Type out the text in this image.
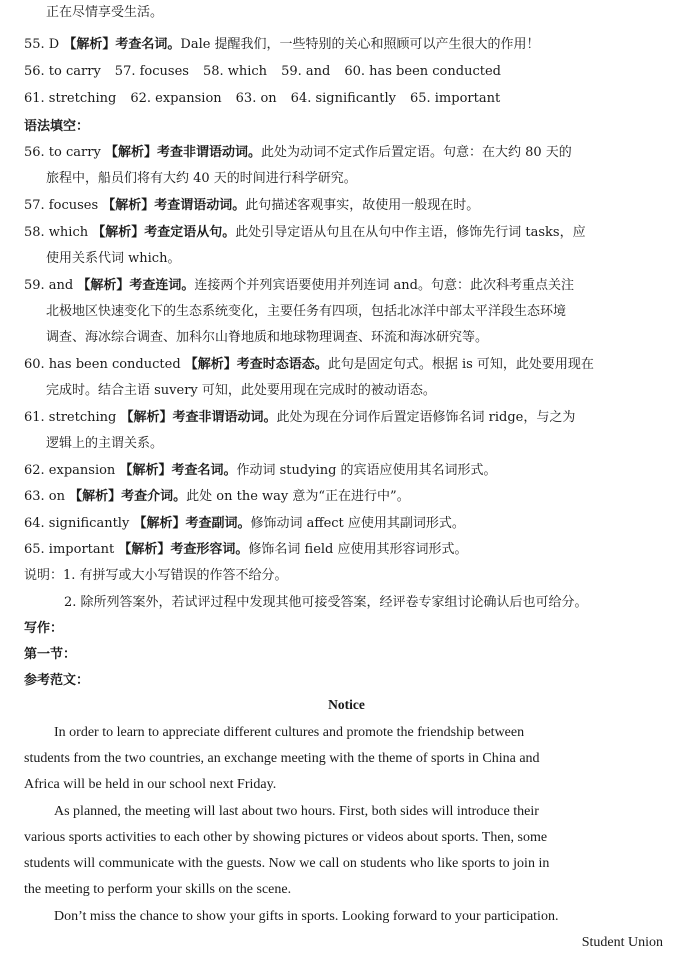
正在尽情享受生活。
55. D 【解析】考查名词。Dale 提醒我们，一些特别的关心和照顾可以产生很大的作用！
56. to carry 57. focuses 58. which 59. and 60. has been conducted
61. stretching 62. expansion 63. on 64. significantly 65. important
语法填空：
56. to carry 【解析】考查非谓语动词。此处为动词不定式作后置定语。句意：在大约 80 天的
旅程中，船员们将有大约 40 天的时间进行科学研究。
57. focuses 【解析】考查谓语动词。此句描述客观事实，故使用一般现在时。
58. which 【解析】考查定语从句。此处引导定语从句且在从句中作主语，修饰先行词 tasks，应
使用关系代词 which。
59. and 【解析】考查连词。连接两个并列宾语要使用并列连词 and。句意：此次科考重点关注
北极地区快速变化下的生态系统变化，主要任务有四项，包括北冰洋中部太平洋段生态环境
调查、海冰综合调查、加科尔山脊地质和地球物理调查、环流和海冰研究等。
60. has been conducted 【解析】考查时态语态。此句是固定句式。根据 is 可知，此处要用现在
完成时。结合主语 suvery 可知，此处要用现在完成时的被动语态。
61. stretching 【解析】考查非谓语动词。此处为现在分词作后置定语修饰名词 ridge，与之为
逻辑上的主谓关系。
62. expansion 【解析】考查名词。作动词 studying 的宾语应使用其名词形式。
63. on 【解析】考查介词。此处 on the way 意为“正在进行中”。
64. significantly 【解析】考查副词。修饰动词 affect 应使用其副词形式。
65. important 【解析】考查形容词。修饰名词 field 应使用其形容词形式。
说明：1. 有拼写或大小写错误的作答不给分。
2. 除所列答案外，若试评过程中发现其他可接受答案，经评卷专家组讨论确认后也可给分。
写作：
第一节：
参考范文：
Notice
In order to learn to appreciate different cultures and promote the friendship between
students from the two countries, an exchange meeting with the theme of sports in China and
Africa will be held in our school next Friday.
As planned, the meeting will last about two hours. First, both sides will introduce their
various sports activities to each other by showing pictures or videos about sports. Then, some
students will communicate with the guests. Now we call on students who like sports to join in
the meeting to perform your skills on the scene.
Don’t miss the chance to show your gifts in sports. Looking forward to your participation.
Student Union
